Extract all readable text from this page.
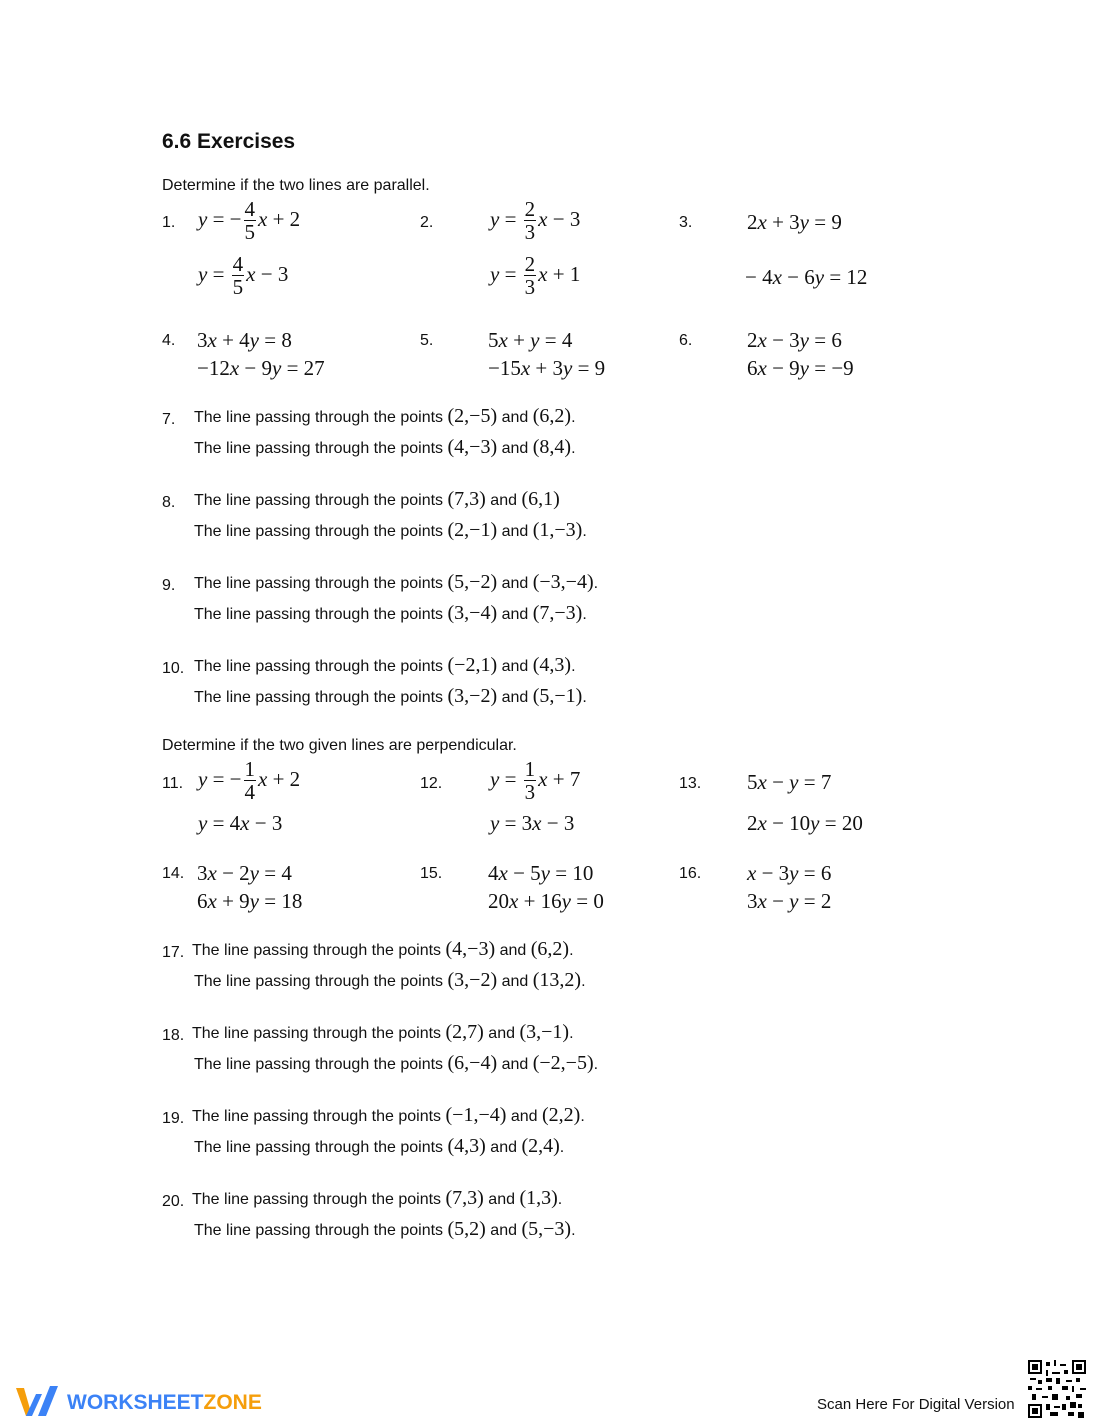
6.6 Exercises
Determine if the two lines are parallel.
1. y = − $\frac{4}{5}$ x + 2
$y = \frac{4}{5}$ x − 3
2.	$y = \frac{2}{3}$ x − 3
$y = \frac{2}{3}$ x + 1
3.	2x + 3y = 9
− 4x − 6y = 12
4. 3x + 4y = 8
−12x − 9y = 27
5.	5x + y = 4
−15x + 3y = 9
6.	2x − 3y = 6
6x − 9y = −9
7. The line passing through the points (2,−5) and (6,2).
The line passing through the points (4,−3) and (8,4).
8. The line passing through the points (7,3) and (6,1)
The line passing through the points (2,−1) and (1,−3).
9. The line passing through the points (5,−2) and (−3,−4).
The line passing through the points (3,−4) and (7,−3).
10. The line passing through the points (−2,1) and (4,3).
The line passing through the points (3,−2) and (5,−1).
Determine if the two given lines are perpendicular.
11. y = − $\frac{1}{4}$ x + 2
y = 4x − 3
12. $y = \frac{1}{3}$ x + 7
y = 3x − 3
13. 5x − y = 7
2x − 10y = 20
14. 3x − 2y = 4
6x + 9y = 18
15. 4x − 5y = 10
20x + 16y = 0
16. x − 3y = 6
3x − y = 2
17. The line passing through the points (4,−3) and (6,2).
The line passing through the points (3,−2) and (13,2).
18. The line passing through the points (2,7) and (3,−1).
The line passing through the points (6,−4) and (−2,−5).
19. The line passing through the points (−1,−4) and (2,2).
The line passing through the points (4,3) and (2,4).
20. The line passing through the points (7,3) and (1,3).
The line passing through the points (5,2) and (5,−3).
WORKSHEETZONE	Scan Here For Digital Version
